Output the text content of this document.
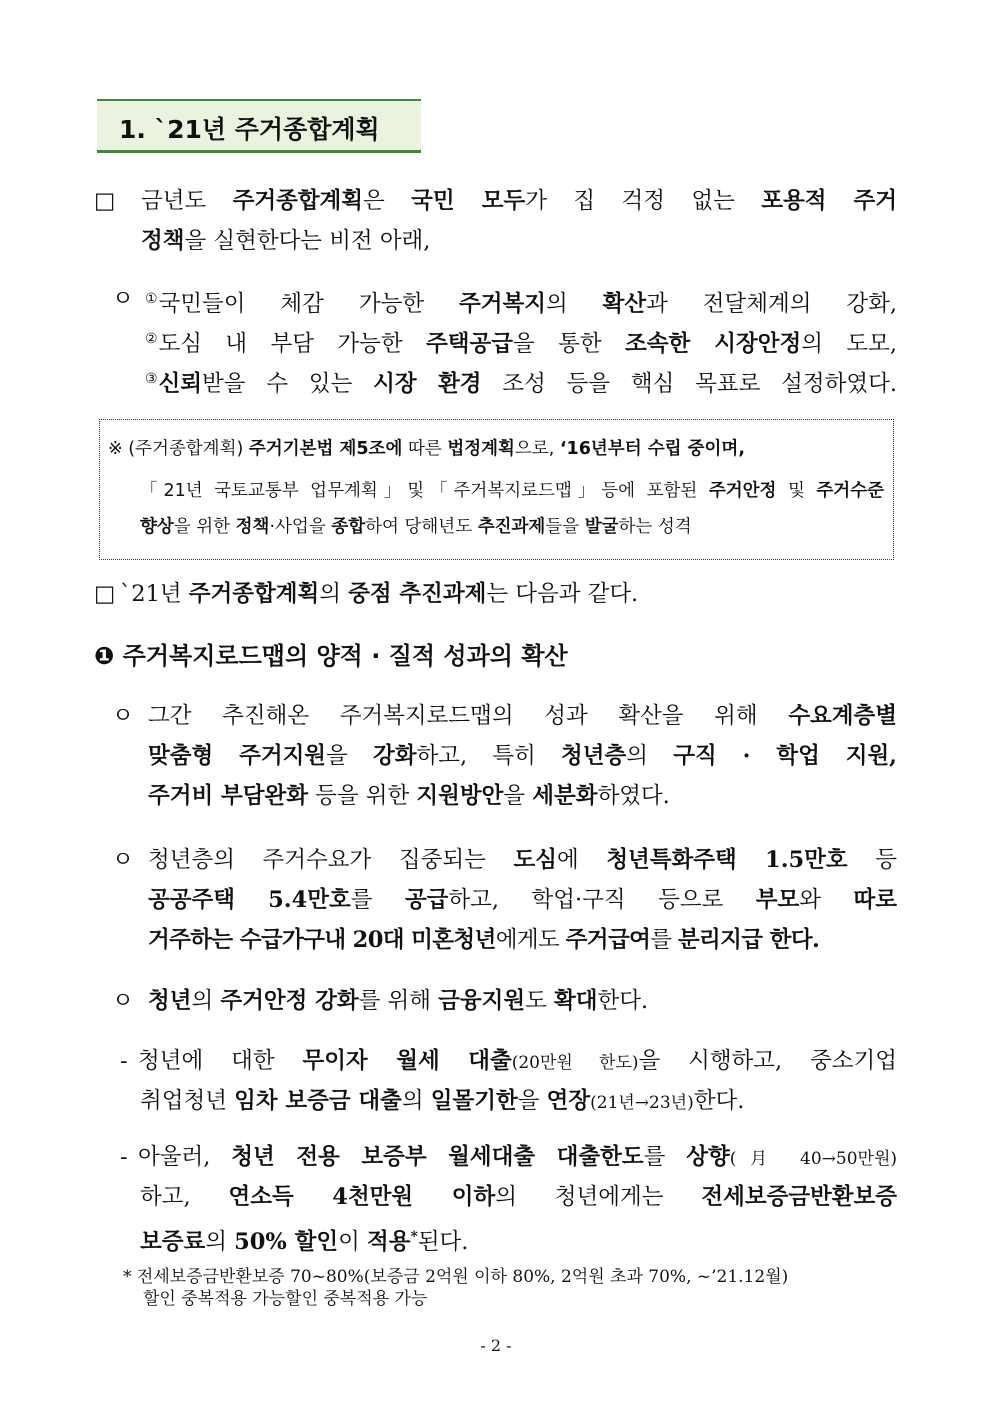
1. `21년 주거종합계획
□ 금년도 주거종합계획은 국민 모두가 집 걱정 없는 포용적 주거
정책을 실현한다는 비전 아래,
ㅇ ①국민들이 체감 가능한 주거복지의 확산과 전달체계의 강화,
②도심 내 부담 가능한 주택공급을 통한 조속한 시장안정의 도모,
③신뢰받을 수 있는 시장 환경 조성 등을 핵심 목표로 설정하였다.
※ (주거종합계획) 주거기본법 제5조에 따른 법정계획으로, ‘16년부터 수립 중이며,
「21년 국토교통부 업무계획」및「주거복지로드맵」등에 포함된 주거안정 및 주거수준
향상을 위한 정책·사업을 종합하여 당해년도 추진과제들을 발굴하는 성격
□ `21년 주거종합계획의 중점 추진과제는 다음과 같다.
❶ 주거복지로드맵의 양적 · 질적 성과의 확산
ㅇ 그간 추진해온 주거복지로드맵의 성과 확산을 위해 수요계층별
맞춤형 주거지원을 강화하고, 특히 청년층의 구직 · 학업 지원,
주거비 부담완화 등을 위한 지원방안을 세분화하였다.
ㅇ 청년층의 주거수요가 집중되는 도심에 청년특화주택 1.5만호 등
공공주택 5.4만호를 공급하고, 학업·구직 등으로 부모와 따로
거주하는 수급가구내 20대 미혼청년에게도 주거급여를 분리지급 한다.
ㅇ 청년의 주거안정 강화를 위해 금융지원도 확대한다.
- 청년에 대한 무이자 월세 대출(20만원 한도)을 시행하고, 중소기업
취업청년 임차 보증금 대출의 일몰기한을 연장(21년→23년)한다.
- 아울러, 청년 전용 보증부 월세대출 대출한도를 상향(月 40→50만원)
하고, 연소득 4천만원 이하의 청년에게는 전세보증금반환보증
보증료의 50% 할인이 적용*된다.
* 전세보증금반환보증 70~80%(보증금 2억원 이하 80%, 2억원 초과 70%, ~’21.12월)
할인 중복적용 가능할인 중복적용 가능
- 2 -
